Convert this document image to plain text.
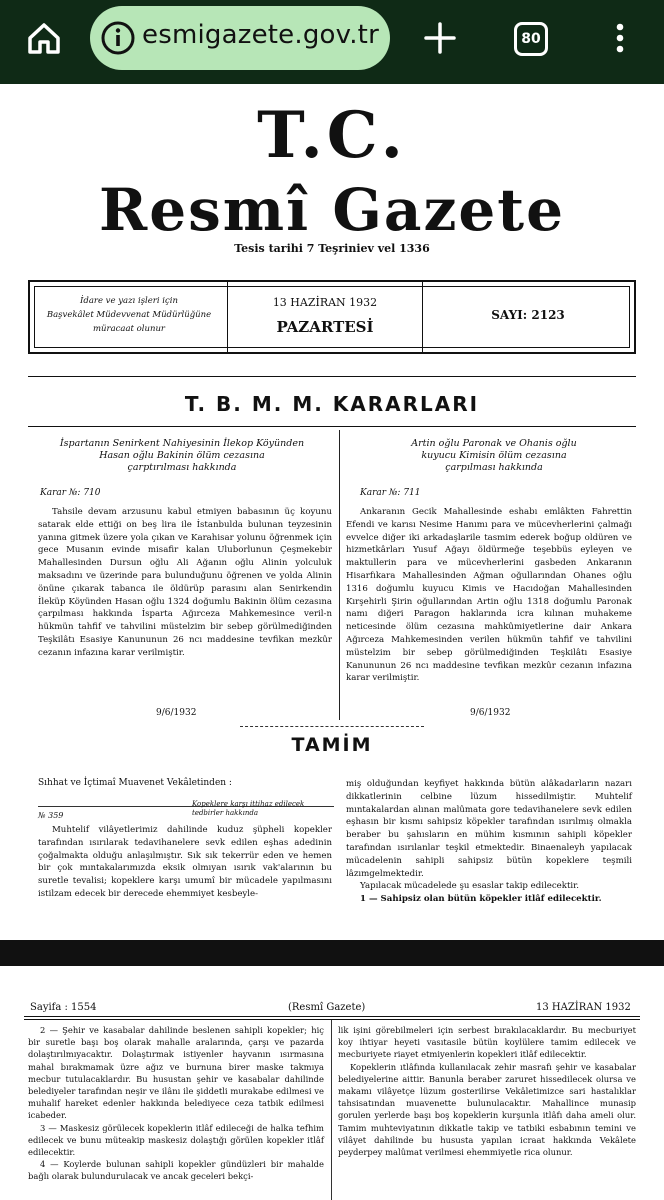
esmigazete.gov.tr	80
T.C.
Resmî Gazete
Tesis tarihi 7 Teşriniev vel 1336
İdare ve yazı işleri için
Başvekâlet Müdevvenat Müdürlüğüne
müracaat olunur
13 HAZİRAN 1932
PAZARTESİ
SAYI: 2123
T. B. M. M. KARARLARI
İspartanın Senirkent Nahiyesinin İlekop Köyünden
Hasan oğlu Bakinin ölüm cezasına
çarptırılması hakkında
Karar №: 710

Tahsile devam arzusunu kabul etmiyen babasının üç koyunu satarak elde ettiği on beş lira ile İstanbulda bulunan teyzesinin yanına gitmek üzere yola çıkan ve Karahisar yolunu öğrenmek için gece Musanın evinde misafir kalan Uluborlunun Çeşmekebir Mahallesinden Dursun oğlu Ali Ağanın oğlu Alinin yolculuk maksadını ve üzerinde para bulunduğunu öğrenen ve yolda Alinin önüne çıkarak tabanca ile öldürüp parasını alan Senirkendin İleküp Köyünden Hasan oğlu 1324 doğumlu Bakinin ölüm cezasına çarpılması hakkında İsparta Ağırceza Mahkemesince veril-n hükmün tahfif ve tahvilini müstelzim bir sebep görülmediğinden Teşkilâtı Esasiye Kanununun 26 ncı maddesine tevfikan mezkûr cezanın infazına karar verilmiştir.

9/6/1932
Artin oğlu Paronak ve Ohanis oğlu
kuyucu Kimisin ölüm cezasına
çarpılması hakkında
Karar №: 711

Ankaranın Gecik Mahallesinde eshabı emlâkten Fahrettin Efendi ve karısı Nesime Hanımı para ve mücevherlerini çalmağı evvelce diğer iki arkadaşlarile tasmim ederek boğup oldüren ve hizmetkârları Yusuf Ağayı öldürmeğe teşebbüs eyleyen ve maktullerin para ve mücevherlerini gasbeden Ankaranın Hisarfıkara Mahallesinden Ağman oğullarından Ohanes oğlu 1316 doğumlu kuyucu Kimis ve Hacıdoğan Mahallesinden Kırşehirli Şirin oğullarından Artin oğlu 1318 doğumlu Paronak namı diğeri Paragon haklarında icra kılınan muhakeme neticesinde ölüm cezasına mahkûmiyetlerine dair Ankara Ağırceza Mahkemesinden verilen hükmün tahfif ve tahvilini müstelzim bir sebep görülmediğinden Teşkilâtı Esasiye Kanununun 26 ncı maddesine tevfikan mezkûr cezanın infazına karar verilmiştir.

9/6/1932
TAMİM
Sıhhat ve İçtimaî Muavenet Vekâletinden :
№ 359
Kopeklere karşı ittihaz edilecek
tedbirler hakkında

Muhtelif vilâyetlerimiz dahilinde kuduz şüpheli kopekler tarafından ısırılarak tedavihanelere sevk edilen eşhas adedinin çoğalmakta olduğu anlaşılmıştır. Sık sık tekerrür eden ve hemen bir çok mıntakalarımızda eksik olmıyan ısırık vak'alarının bu suretle tevalisi; kopeklere karşı umumî bir mücadele yapılmasını istilzam edecek bir derecede ehemmiyet kesbeyle-

miş olduğundan keyfiyet hakkında bütün alâkadarların nazarı dikkatlerinin celbine lüzum hissedilmiştir. Muhtelif mıntakalardan alınan malûmata gore tedavihanelere sevk edilen eşhasın bir kısmı sahipsiz köpekler tarafından ısırılmış olmakla beraber bu şahısların en mühim kısmının sahipli köpekler tarafından ısırılanlar teşkil etmektedir. Binaenaleyh yapılacak mücadelenin sahipli sahipsiz bütün kopeklere teşmili lâzımgelmektedir.

Yapılacak mücadelede şu esaslar takip edilecektir.

1 — Sahipsiz olan bütün köpekler itlâf edilecektir.

Sayifa : 1554	(Resmî Gazete)	13 HAZİRAN 1932

2 — Şehir ve kasabalar dahilinde beslenen sahipli kopekler; hiç bir suretle başı boş olarak mahalle aralarında, çarşı ve pazarda dolaştırılmıyacaktır. Dolaştırmak istiyenler hayvanın ısırmasına mahal bırakmamak üzre ağız ve burnuna birer maske takmıya mecbur tutulacaklardır. Bu husustan şehir ve kasabalar dahilinde belediyeler tarafından neşir ve ilânı ile şiddetli murakabe edilmesi ve muhalif hareket edenler hakkında belediyece ceza tatbik edilmesi icabeder.

3 — Maskesiz görülecek kopeklerin itlâf edileceği de halka tefhim edilecek ve bunu müteakip maskesiz dolaştığı görülen kopekler itlâf edilecektir.

4 — Koylerde bulunan sahipli kopekler gündüzleri bir mahalde bağlı olarak bulundurulacak ve ancak geceleri bekçi-

lik işini görebilmeleri için serbest bırakılacaklardır. Bu mecburiyet koy ihtiyar heyeti vasıtasile bütün koylülere tamim edilecek ve mecburiyete riayet etmiyenlerin kopekleri itlâf edilecektir.

Kopeklerin ıtlâfında kullanılacak zehir masrafı şehir ve kasabalar belediyelerine aittir. Banunla beraber zaruret hissedilecek olursa ve makamı vilâyetçe lüzum gosterilirse Vekâletimizce sari hastalıklar tahsisatından muavenette bulunulacaktır. Mahallince munasip gorulen yerlerde başı boş kopeklerin kurşunla itlâfı daha ameli olur. Tamim muhteviyatının dikkatle takip ve tatbiki esbabının temini ve vilâyet dahilinde bu hususta yapılan icraat hakkında Vekâlete peyderpey malûmat verilmesi ehemmiyetle rica olunur.
